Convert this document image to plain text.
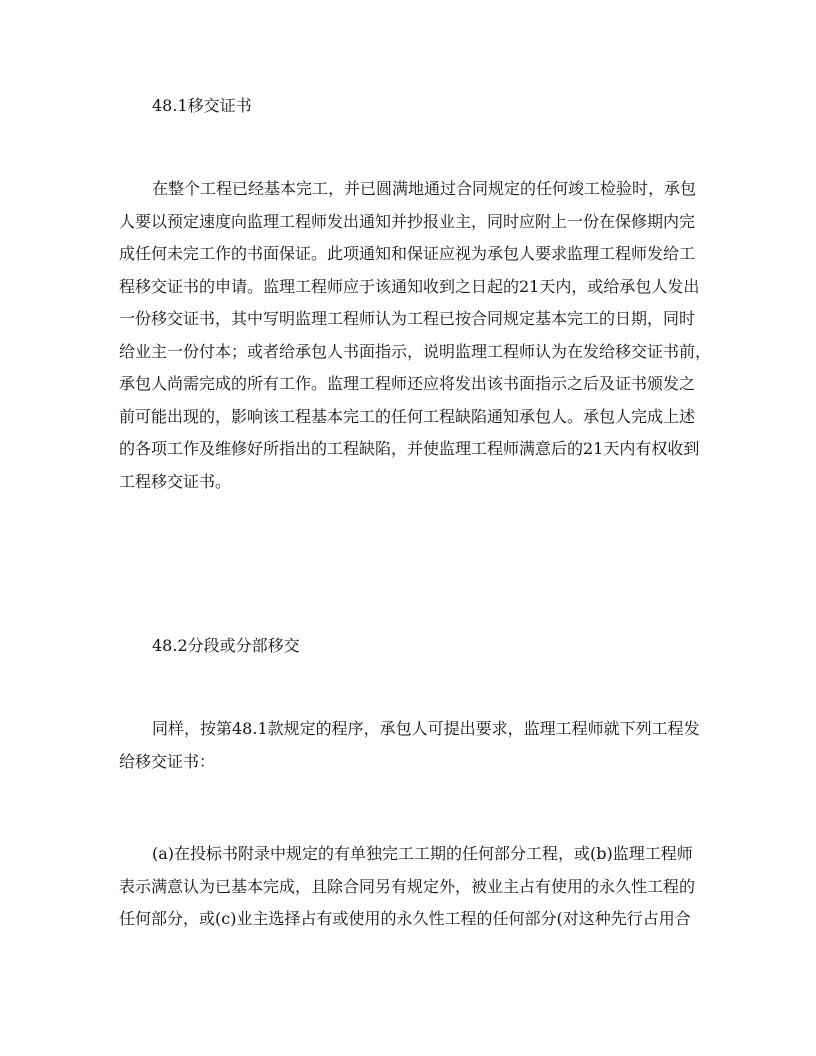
48.1移交证书
在整个工程已经基本完工，并已圆满地通过合同规定的任何竣工检验时，承包
人要以预定速度向监理工程师发出通知并抄报业主，同时应附上一份在保修期内完
成任何未完工作的书面保证。此项通知和保证应视为承包人要求监理工程师发给工
程移交证书的申请。监理工程师应于该通知收到之日起的21天内，或给承包人发出
一份移交证书，其中写明监理工程师认为工程已按合同规定基本完工的日期，同时
给业主一份付本；或者给承包人书面指示，说明监理工程师认为在发给移交证书前，
承包人尚需完成的所有工作。监理工程师还应将发出该书面指示之后及证书颁发之
前可能出现的，影响该工程基本完工的任何工程缺陷通知承包人。承包人完成上述
的各项工作及维修好所指出的工程缺陷，并使监理工程师满意后的21天内有权收到
工程移交证书。
48.2分段或分部移交
同样，按第48.1款规定的程序，承包人可提出要求，监理工程师就下列工程发
给移交证书：
(a)在投标书附录中规定的有单独完工工期的任何部分工程，或(b)监理工程师
表示满意认为已基本完成，且除合同另有规定外，被业主占有使用的永久性工程的
任何部分，或(c)业主选择占有或使用的永久性工程的任何部分(对这种先行占用合
